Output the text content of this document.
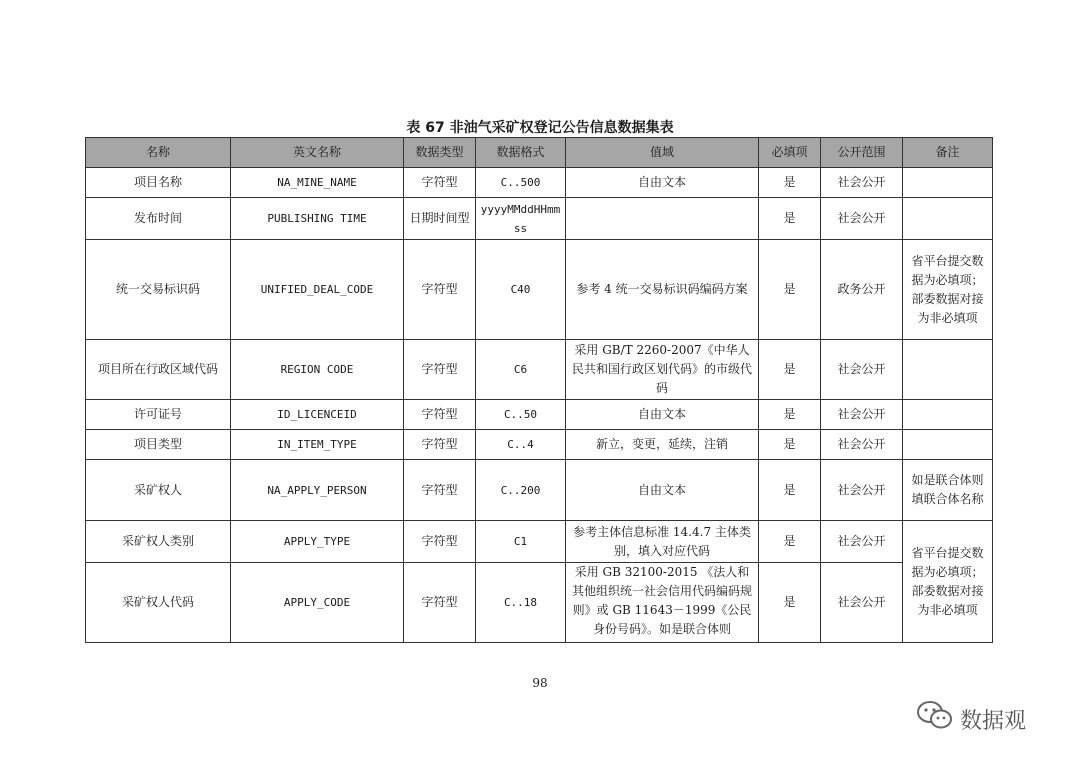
表 67 非油气采矿权登记公告信息数据集表
名称	英文名称	数据类型	数据格式	值域	必填项	公开范围	备注
项目名称	NA_MINE_NAME	字符型	C..500	自由文本	是	社会公开	
发布时间	PUBLISHING TIME	日期时间型	yyyyMMddHHmmss		是	社会公开	
统一交易标识码	UNIFIED_DEAL_CODE	字符型	C40	参考 4 统一交易标识码编码方案	是	政务公开	省平台提交数据为必填项；部委数据对接为非必填项
项目所在行政区域代码	REGION CODE	字符型	C6	采用 GB/T 2260-2007《中华人民共和国行政区划代码》的市级代码	是	社会公开	
许可证号	ID_LICENCEID	字符型	C..50	自由文本	是	社会公开	
项目类型	IN_ITEM_TYPE	字符型	C..4	新立，变更，延续，注销	是	社会公开	
采矿权人	NA_APPLY_PERSON	字符型	C..200	自由文本	是	社会公开	如是联合体则填联合体名称
采矿权人类别	APPLY_TYPE	字符型	C1	参考主体信息标准 14.4.7 主体类别，填入对应代码	是	社会公开	省平台提交数据为必填项；部委数据对接为非必填项
采矿权人代码	APPLY_CODE	字符型	C..18	采用 GB 32100-2015 《法人和其他组织统一社会信用代码编码规则》或 GB 11643－1999《公民身份号码》。如是联合体则	是	社会公开	
98
数据观
